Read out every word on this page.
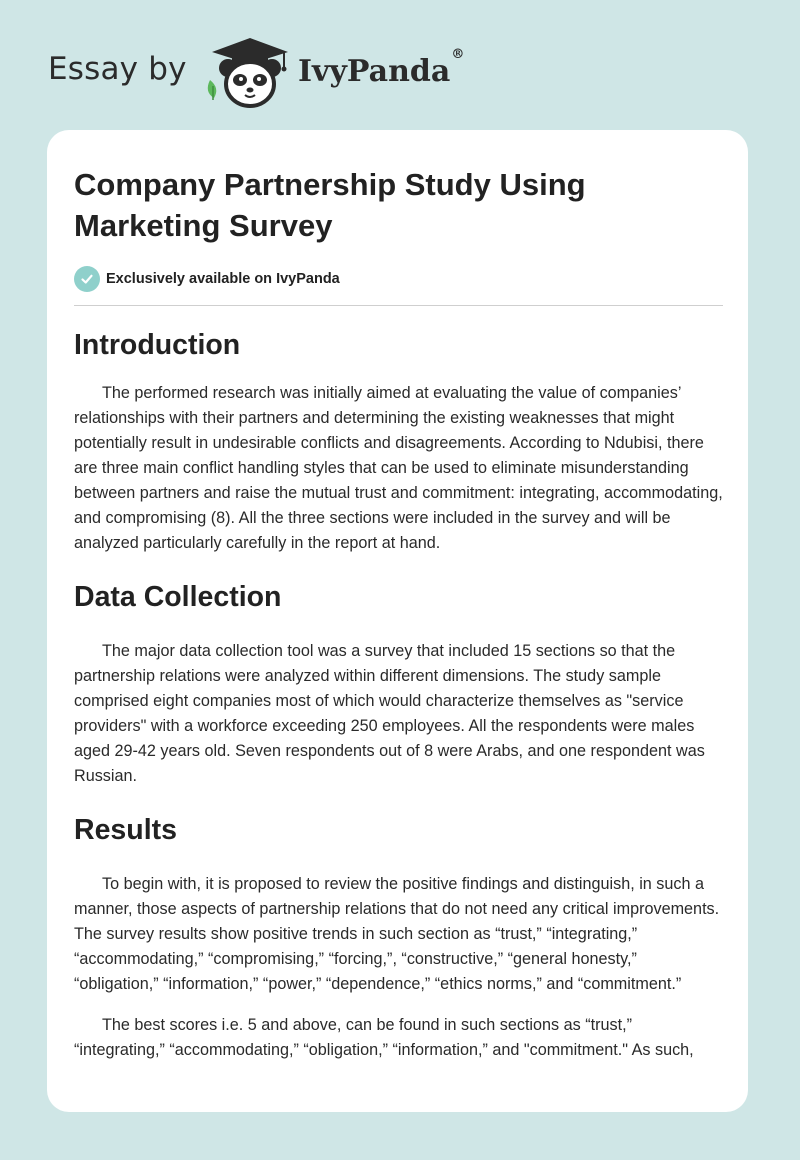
Essay by	IvyPanda®
Company Partnership Study Using Marketing Survey
Exclusively available on IvyPanda
Introduction

The performed research was initially aimed at evaluating the value of companies’ relationships with their partners and determining the existing weaknesses that might potentially result in undesirable conflicts and disagreements. According to Ndubisi, there are three main conflict handling styles that can be used to eliminate misunderstanding between partners and raise the mutual trust and commitment: integrating, accommodating, and compromising (8). All the three sections were included in the survey and will be analyzed particularly carefully in the report at hand.

Data Collection

The major data collection tool was a survey that included 15 sections so that the partnership relations were analyzed within different dimensions. The study sample comprised eight companies most of which would characterize themselves as "service providers" with a workforce exceeding 250 employees. All the respondents were males aged 29-42 years old. Seven respondents out of 8 were Arabs, and one respondent was Russian.

Results

To begin with, it is proposed to review the positive findings and distinguish, in such a manner, those aspects of partnership relations that do not need any critical improvements. The survey results show positive trends in such section as “trust,” “integrating,” “accommodating,” “compromising,” “forcing,”, “constructive,” “general honesty,” “obligation,” “information,” “power,” “dependence,” “ethics norms,” and “commitment.”

The best scores i.e. 5 and above, can be found in such sections as “trust,” “integrating,” “accommodating,” “obligation,” “information,” and "commitment." As such,
